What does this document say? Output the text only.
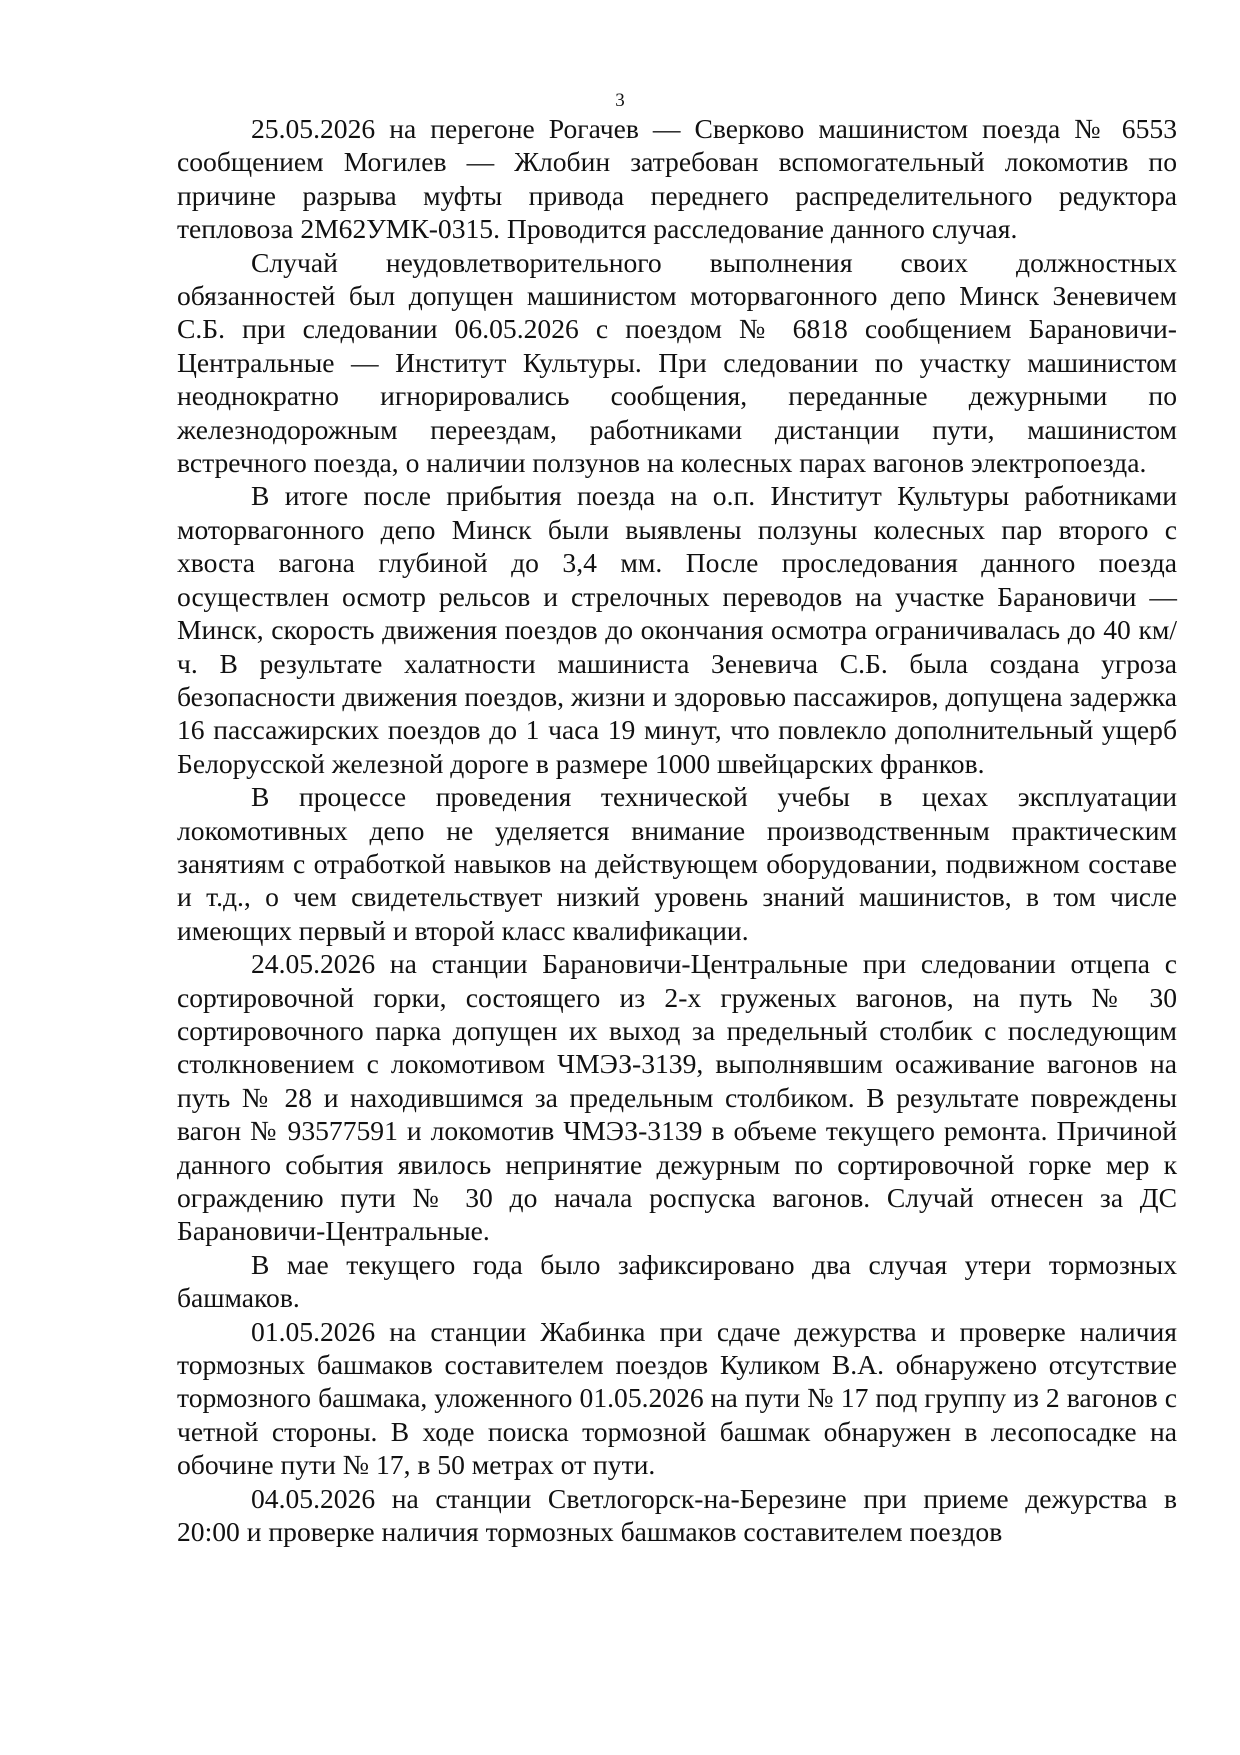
3

25.05.2026 на перегоне Рогачев — Сверково машинистом поезда № 6553 сообщением Могилев — Жлобин затребован вспомогательный локомотив по причине разрыва муфты привода переднего распределительного редуктора тепловоза 2М62УМК-0315. Проводится расследование данного случая.

Случай неудовлетворительного выполнения своих должностных обязанностей был допущен машинистом моторвагонного депо Минск Зеневичем С.Б. при следовании 06.05.2026 с поездом № 6818 сообщением Барановичи-Центральные — Институт Культуры. При следовании по участку машинистом неоднократно игнорировались сообщения, переданные дежурными по железнодорожным переездам, работниками дистанции пути, машинистом встречного поезда, о наличии ползунов на колесных парах вагонов электропоезда.

В итоге после прибытия поезда на о.п. Институт Культуры работниками моторвагонного депо Минск были выявлены ползуны колесных пар второго с хвоста вагона глубиной до 3,4 мм. После проследования данного поезда осуществлен осмотр рельсов и стрелочных переводов на участке Барановичи — Минск, скорость движения поездов до окончания осмотра ограничивалась до 40 км/ч. В результате халатности машиниста Зеневича С.Б. была создана угроза безопасности движения поездов, жизни и здоровью пассажиров, допущена задержка 16 пассажирских поездов до 1 часа 19 минут, что повлекло дополнительный ущерб Белорусской железной дороге в размере 1000 швейцарских франков.

В процессе проведения технической учебы в цехах эксплуатации локомотивных депо не уделяется внимание производственным практическим занятиям с отработкой навыков на действующем оборудовании, подвижном составе и т.д., о чем свидетельствует низкий уровень знаний машинистов, в том числе имеющих первый и второй класс квалификации.

24.05.2026 на станции Барановичи-Центральные при следовании отцепа с сортировочной горки, состоящего из 2-х груженых вагонов, на путь № 30 сортировочного парка допущен их выход за предельный столбик с последующим столкновением с локомотивом ЧМЭЗ-3139, выполнявшим осаживание вагонов на путь № 28 и находившимся за предельным столбиком. В результате повреждены вагон № 93577591 и локомотив ЧМЭЗ-3139 в объеме текущего ремонта. Причиной данного события явилось непринятие дежурным по сортировочной горке мер к ограждению пути № 30 до начала роспуска вагонов. Случай отнесен за ДС Барановичи-Центральные.

В мае текущего года было зафиксировано два случая утери тормозных башмаков.

01.05.2026 на станции Жабинка при сдаче дежурства и проверке наличия тормозных башмаков составителем поездов Куликом В.А. обнаружено отсутствие тормозного башмака, уложенного 01.05.2026 на пути № 17 под группу из 2 вагонов с четной стороны. В ходе поиска тормозной башмак обнаружен в лесопосадке на обочине пути № 17, в 50 метрах от пути.

04.05.2026 на станции Светлогорск-на-Березине при приеме дежурства в 20:00 и проверке наличия тормозных башмаков составителем поездов
